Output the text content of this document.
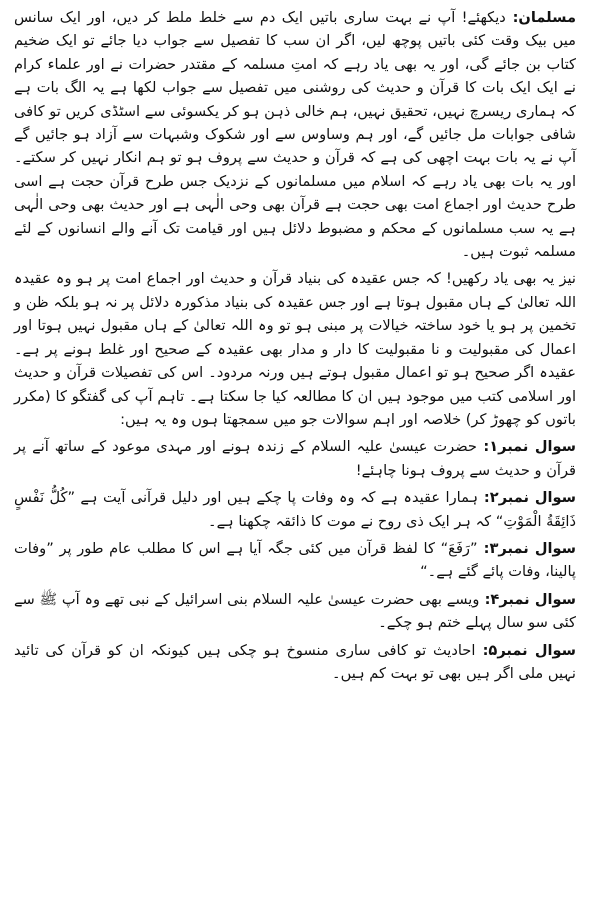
مسلمان: دیکھئے! آپ نے بہت ساری باتیں ایک دم سے خلط ملط کر دیں، اور ایک سانس میں بیک وقت کئی باتیں پوچھ لیں، اگر ان سب کا تفصیل سے جواب دیا جائے تو ایک ضخیم کتاب بن جائے گی، اور یہ بھی یاد رہے کہ امتِ مسلمہ کے مقتدر حضرات نے اور علماء کرام نے ایک ایک بات کا قرآن و حدیث کی روشنی میں تفصیل سے جواب لکھا ہے یہ الگ بات ہے کہ ہماری ریسرچ نہیں، تحقیق نہیں، ہم خالی ذہن ہو کر یکسوئی سے اسٹڈی کریں تو کافی شافی جوابات مل جائیں گے، اور ہم وساوس سے اور شکوک وشبہات سے آزاد ہو جائیں گے آپ نے یہ بات بہت اچھی کی ہے کہ قرآن و حدیث سے پروف ہو تو ہم انکار نہیں کر سکتے۔ اور یہ بات بھی یاد رہے کہ اسلام میں مسلمانوں کے نزدیک جس طرح قرآن حجت ہے اسی طرح حدیث اور اجماع امت بھی حجت ہے قرآن بھی وحی الٰہی ہے اور حدیث بھی وحی الٰہی ہے یہ سب مسلمانوں کے محکم و مضبوط دلائل ہیں اور قیامت تک آنے والے انسانوں کے لئے مسلمہ ثبوت ہیں۔

نیز یہ بھی یاد رکھیں! کہ جس عقیدہ کی بنیاد قرآن و حدیث اور اجماع امت پر ہو وہ عقیدہ اللہ تعالیٰ کے ہاں مقبول ہوتا ہے اور جس عقیدہ کی بنیاد مذکورہ دلائل پر نہ ہو بلکہ ظن و تخمین پر ہو یا خود ساختہ خیالات پر مبنی ہو تو وہ اللہ تعالیٰ کے ہاں مقبول نہیں ہوتا اور اعمال کی مقبولیت و نا مقبولیت کا دار و مدار بھی عقیدہ کے صحیح اور غلط ہونے پر ہے۔ عقیدہ اگر صحیح ہو تو اعمال مقبول ہوتے ہیں ورنہ مردود۔ اس کی تفصیلات قرآن و حدیث اور اسلامی کتب میں موجود ہیں ان کا مطالعہ کیا جا سکتا ہے۔ تاہم آپ کی گفتگو کا (مکرر باتوں کو چھوڑ کر) خلاصہ اور اہم سوالات جو میں سمجھتا ہوں وہ یہ ہیں:

سوال نمبر۱: حضرت عیسیٰ علیہ السلام کے زندہ ہونے اور مہدی موعود کے ساتھ آنے پر قرآن و حدیث سے پروف ہونا چاہئے!

سوال نمبر۲: ہمارا عقیدہ ہے کہ وہ وفات پا چکے ہیں اور دلیل قرآنی آیت ہے ”کُلُّ نَفْسٍ ذَائِقَةُ الْمَوْتِ“ کہ ہر ایک ذی روح نے موت کا ذائقہ چکھنا ہے۔

سوال نمبر۳: ”رَفَعَ“ کا لفظ قرآن میں کئی جگہ آیا ہے اس کا مطلب عام طور پر ”وفات پالینا، وفات پائے گئے ہے۔“

سوال نمبر۴: ویسے بھی حضرت عیسیٰ علیہ السلام بنی اسرائیل کے نبی تھے وہ آپ ﷺ سے کئی سو سال پہلے ختم ہو چکے۔

سوال نمبر۵: احادیث تو کافی ساری منسوخ ہو چکی ہیں کیونکہ ان کو قرآن کی تائید نہیں ملی اگر ہیں بھی تو بہت کم ہیں۔
